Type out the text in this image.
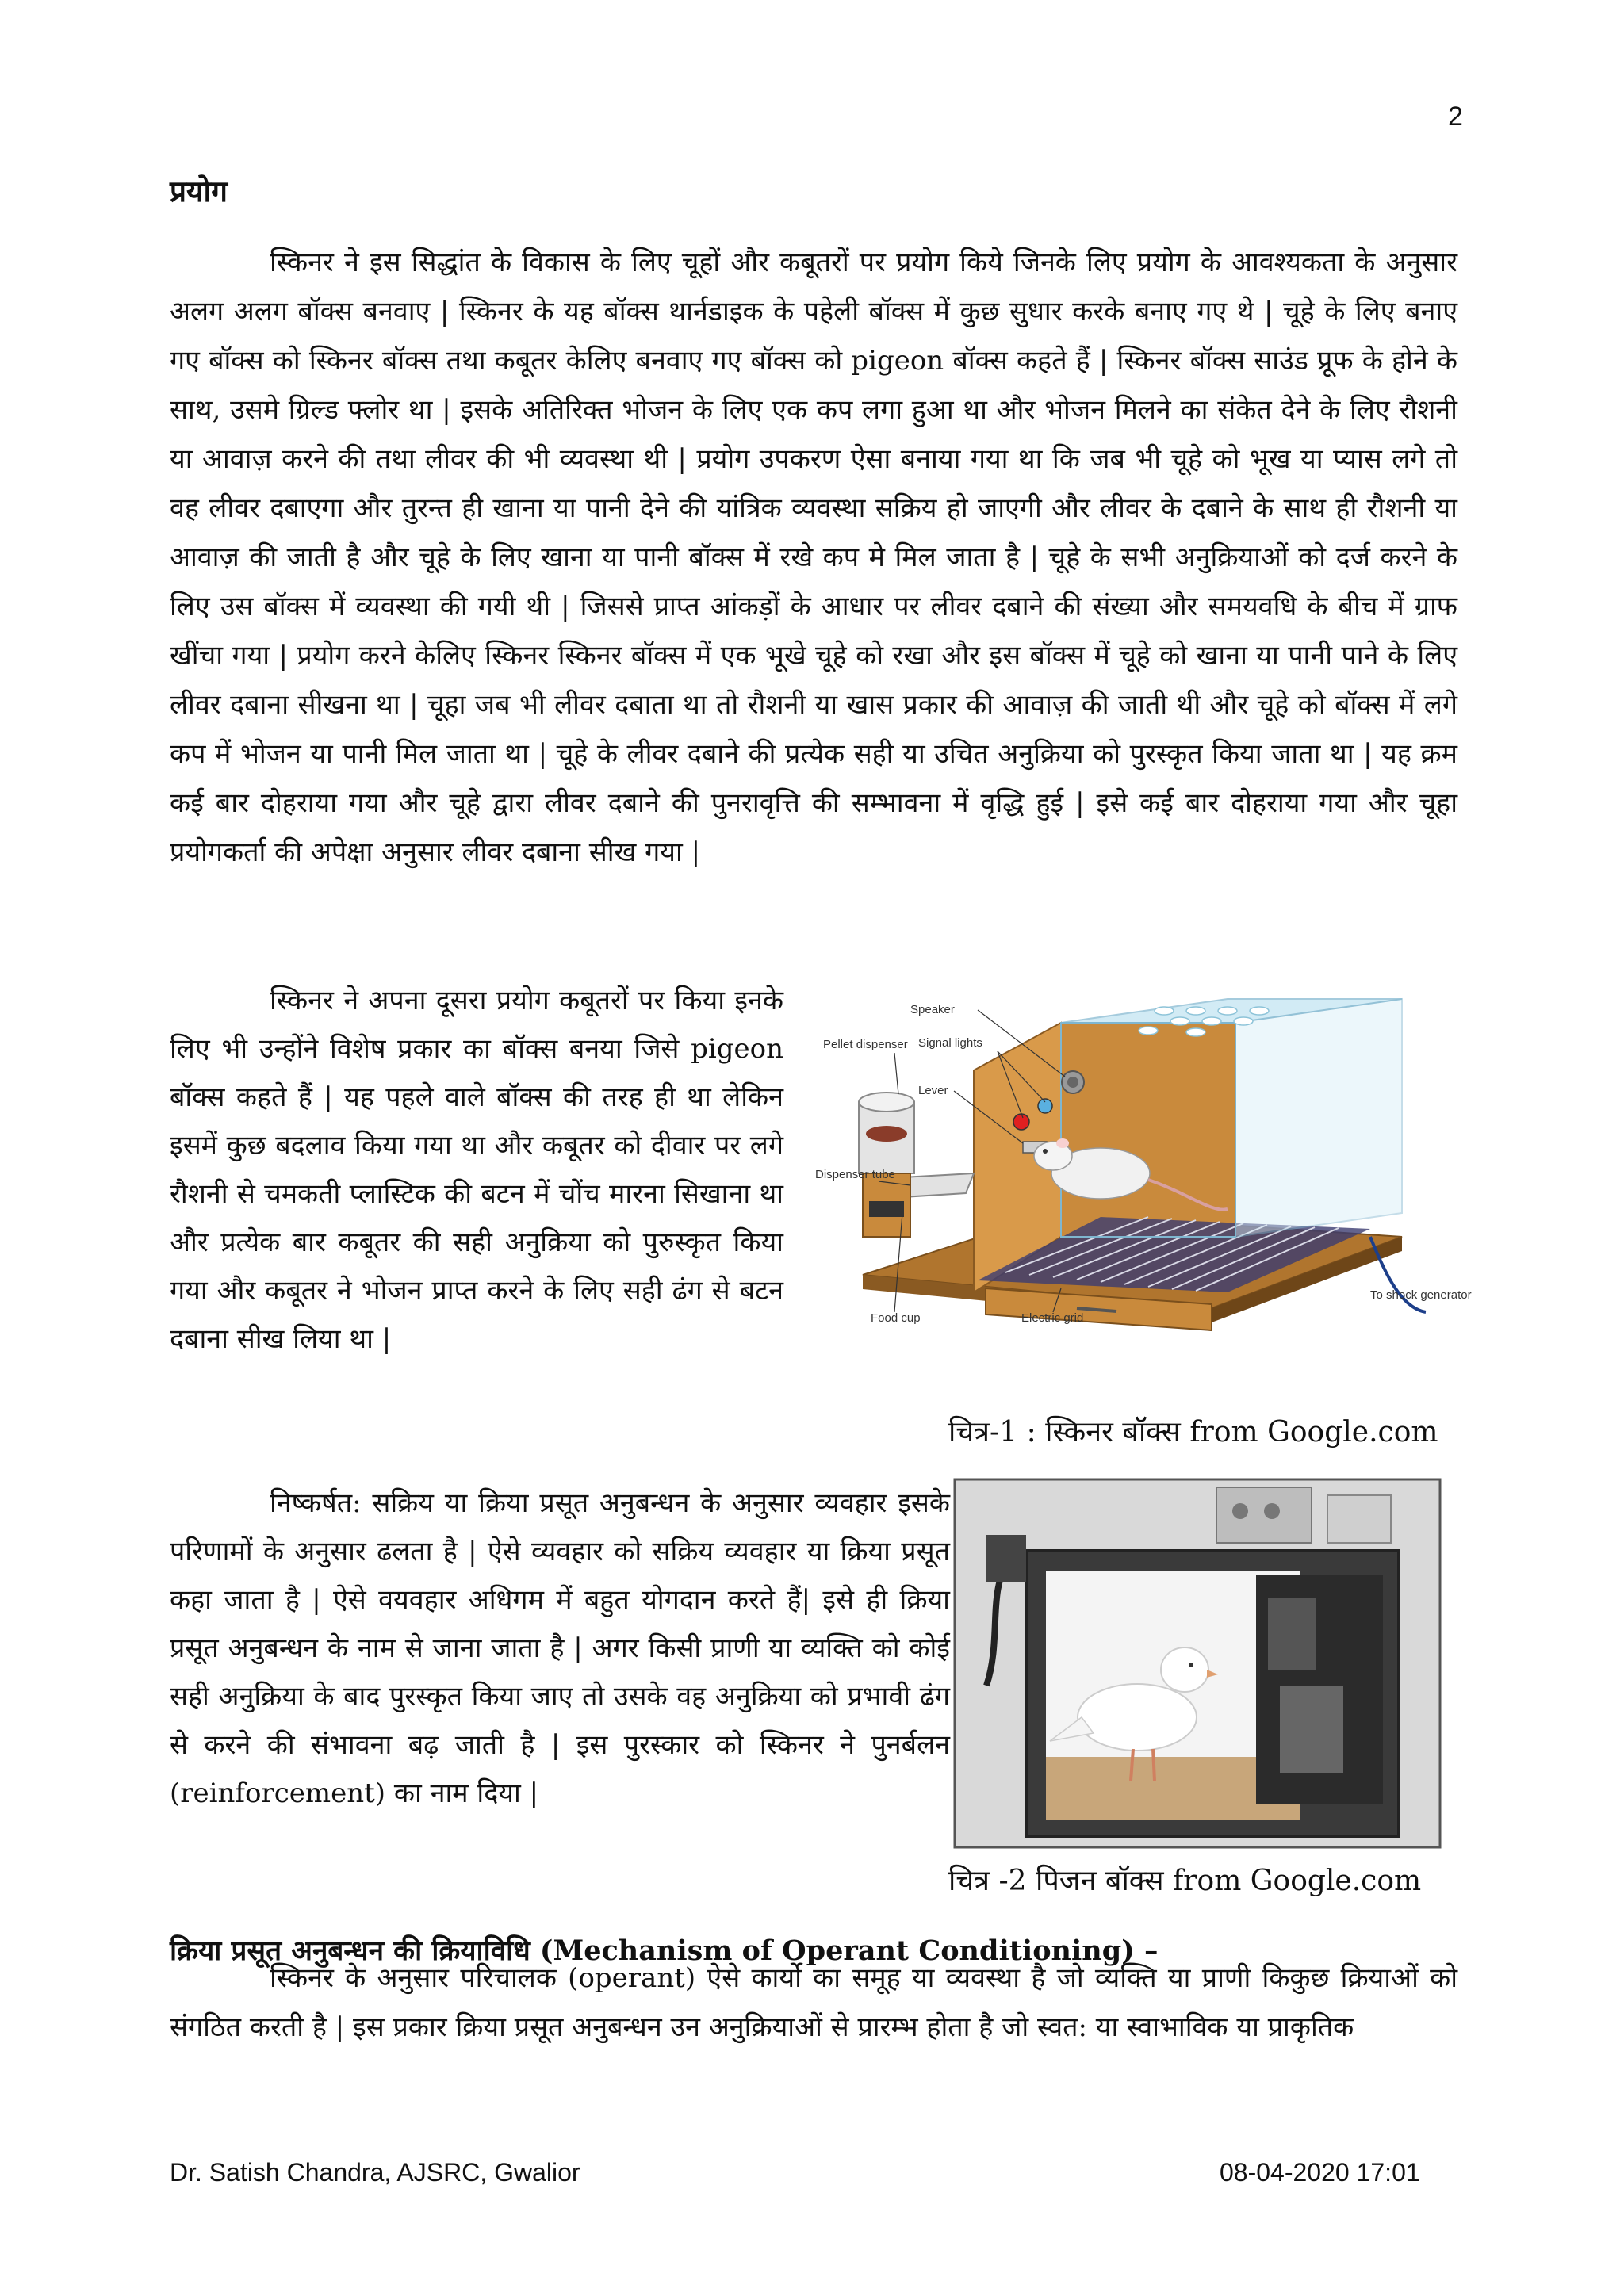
2
प्रयोग
स्किनर ने इस सिद्धांत के विकास के लिए चूहों और कबूतरों पर प्रयोग किये जिनके लिए प्रयोग के आवश्यकता के अनुसार अलग अलग बॉक्स बनवाए | स्किनर के यह बॉक्स थार्नडाइक के पहेली बॉक्स में कुछ सुधार करके बनाए गए थे | चूहे के लिए बनाए गए बॉक्स को स्किनर बॉक्स तथा कबूतर केलिए बनवाए गए बॉक्स को pigeon बॉक्स कहते हैं | स्किनर बॉक्स साउंड प्रूफ के होने के साथ, उसमे ग्रिल्ड फ्लोर था | इसके अतिरिक्त भोजन के लिए एक कप लगा हुआ था और भोजन मिलने का संकेत देने के लिए रौशनी या आवाज़ करने की तथा लीवर की भी व्यवस्था थी | प्रयोग उपकरण ऐसा बनाया गया था कि जब भी चूहे को भूख या प्यास लगे तो वह लीवर दबाएगा और तुरन्त ही खाना या पानी देने की यांत्रिक व्यवस्था सक्रिय हो जाएगी और लीवर के दबाने के साथ ही रौशनी या आवाज़ की जाती है और चूहे के लिए खाना या पानी बॉक्स में रखे कप मे मिल जाता है | चूहे के सभी अनुक्रियाओं को दर्ज करने के लिए उस बॉक्स में व्यवस्था की गयी थी | जिससे प्राप्त आंकड़ों के आधार पर लीवर दबाने की संख्या और समयवधि के बीच में ग्राफ खींचा गया | प्रयोग करने केलिए स्किनर स्किनर बॉक्स में एक भूखे चूहे को रखा और इस बॉक्स में चूहे को खाना या पानी पाने के लिए लीवर दबाना सीखना था | चूहा जब भी लीवर दबाता था तो रौशनी या खास प्रकार की आवाज़ की जाती थी और चूहे को बॉक्स में लगे कप में भोजन या पानी मिल जाता था | चूहे के लीवर दबाने की प्रत्येक सही या उचित अनुक्रिया को पुरस्कृत किया जाता था | यह क्रम कई बार दोहराया गया और चूहे द्वारा लीवर दबाने की पुनरावृत्ति की सम्भावना में वृद्धि हुई | इसे कई बार दोहराया गया और चूहा प्रयोगकर्ता की अपेक्षा अनुसार लीवर दबाना सीख गया |
स्किनर ने अपना दूसरा प्रयोग कबूतरों पर किया इनके लिए भी उन्होंने विशेष प्रकार का बॉक्स बनया जिसे pigeon बॉक्स कहते हैं | यह पहले वाले बॉक्स की तरह ही था लेकिन इसमें कुछ बदलाव किया गया था और कबूतर को दीवार पर लगे रौशनी से चमकती प्लास्टिक की बटन में चोंच मारना सिखाना था और प्रत्येक बार कबूतर की सही अनुक्रिया को पुरुस्कृत किया गया और कबूतर ने भोजन प्राप्त करने के लिए सही ढंग से बटन दबाना सीख लिया था |
Pellet dispenser
Speaker
Signal lights
Lever
Dispenser tube
Food cup	Electric grid
To shock generator
चित्र-1 : स्किनर बॉक्स from Google.com
निष्कर्षत: सक्रिय या क्रिया प्रसूत अनुबन्धन के अनुसार व्यवहार इसके परिणामों के अनुसार ढलता है | ऐसे व्यवहार को सक्रिय व्यवहार या क्रिया प्रसूत कहा जाता है | ऐसे वयवहार अधिगम में बहुत योगदान करते हैं| इसे ही क्रिया प्रसूत अनुबन्धन के नाम से जाना जाता है | अगर किसी प्राणी या व्यक्ति को कोई सही अनुक्रिया के बाद पुरस्कृत किया जाए तो उसके वह अनुक्रिया को प्रभावी ढंग से करने की संभावना बढ़ जाती है | इस पुरस्कार को स्किनर ने पुनर्बलन (reinforcement) का नाम दिया |
चित्र -2 पिजन बॉक्स from Google.com
क्रिया प्रसूत अनुबन्धन की क्रियाविधि (Mechanism of Operant Conditioning) –
स्किनर के अनुसार परिचालक (operant) ऐसे कार्यो का समूह या व्यवस्था है जो व्यक्ति या प्राणी किकुछ क्रियाओं को संगठित करती है | इस प्रकार क्रिया प्रसूत अनुबन्धन उन अनुक्रियाओं से प्रारम्भ होता है जो स्वत: या स्वाभाविक या प्राकृतिक
Dr. Satish Chandra, AJSRC, Gwalior	08-04-2020 17:01
